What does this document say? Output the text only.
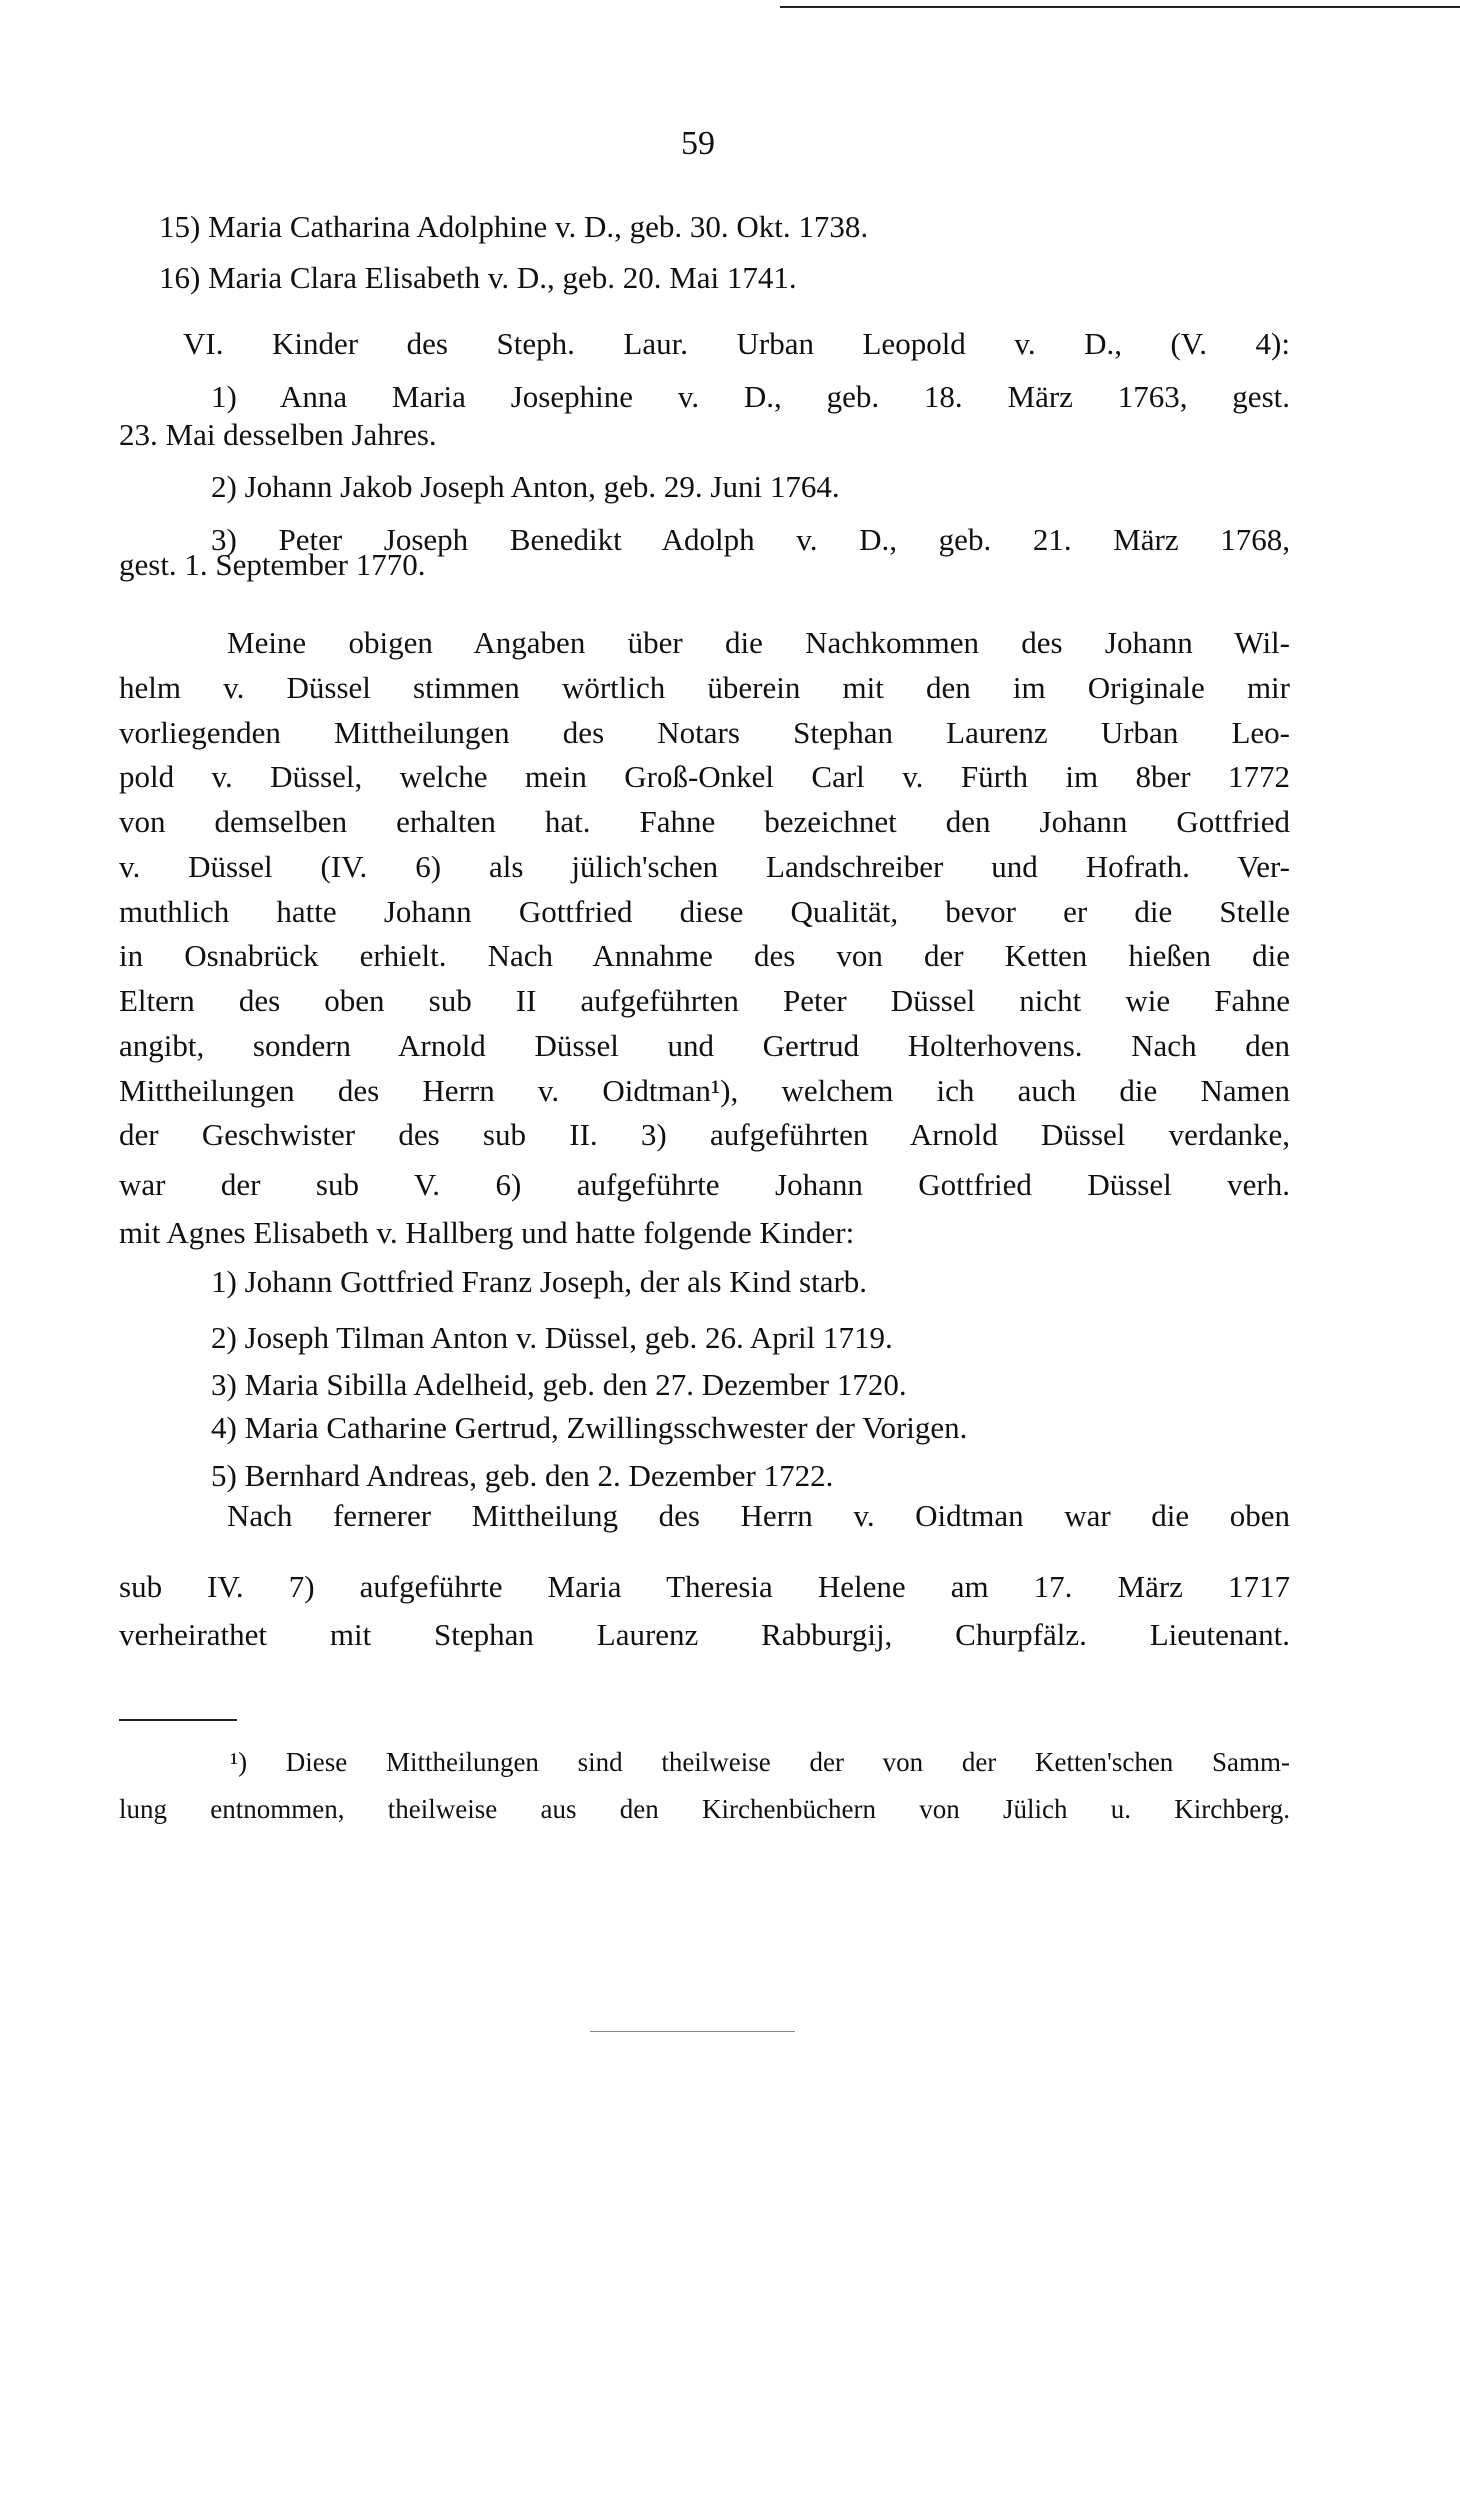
59
15) Maria Catharina Adolphine v. D., geb. 30. Okt. 1738.
16) Maria Clara Elisabeth v. D., geb. 20. Mai 1741.
VI. Kinder des Steph. Laur. Urban Leopold v. D., (V. 4):
1) Anna Maria Josephine v. D., geb. 18. März 1763, gest.
23. Mai desselben Jahres.
2) Johann Jakob Joseph Anton, geb. 29. Juni 1764.
3) Peter Joseph Benedikt Adolph v. D., geb. 21. März 1768,
gest. 1. September 1770.
Meine obigen Angaben über die Nachkommen des Johann Wil-
helm v. Düssel stimmen wörtlich überein mit den im Originale mir
vorliegenden Mittheilungen des Notars Stephan Laurenz Urban Leo-
pold v. Düssel, welche mein Groß-Onkel Carl v. Fürth im 8ber 1772
von demselben erhalten hat. Fahne bezeichnet den Johann Gottfried
v. Düssel (IV. 6) als jülich'schen Landschreiber und Hofrath. Ver-
muthlich hatte Johann Gottfried diese Qualität, bevor er die Stelle
in Osnabrück erhielt. Nach Annahme des von der Ketten hießen die
Eltern des oben sub II aufgeführten Peter Düssel nicht wie Fahne
angibt, sondern Arnold Düssel und Gertrud Holterhovens. Nach den
Mittheilungen des Herrn v. Oidtman¹), welchem ich auch die Namen
der Geschwister des sub II. 3) aufgeführten Arnold Düssel verdanke,
war der sub V. 6) aufgeführte Johann Gottfried Düssel verh.
mit Agnes Elisabeth v. Hallberg und hatte folgende Kinder:
1) Johann Gottfried Franz Joseph, der als Kind starb.
2) Joseph Tilman Anton v. Düssel, geb. 26. April 1719.
3) Maria Sibilla Adelheid, geb. den 27. Dezember 1720.
4) Maria Catharine Gertrud, Zwillingsschwester der Vorigen.
5) Bernhard Andreas, geb. den 2. Dezember 1722.
Nach fernerer Mittheilung des Herrn v. Oidtman war die oben
sub IV. 7) aufgeführte Maria Theresia Helene am 17. März 1717
verheirathet mit Stephan Laurenz Rabburgij, Churpfälz. Lieutenant.
¹) Diese Mittheilungen sind theilweise der von der Ketten'schen Samm-
lung entnommen, theilweise aus den Kirchenbüchern von Jülich u. Kirchberg.
